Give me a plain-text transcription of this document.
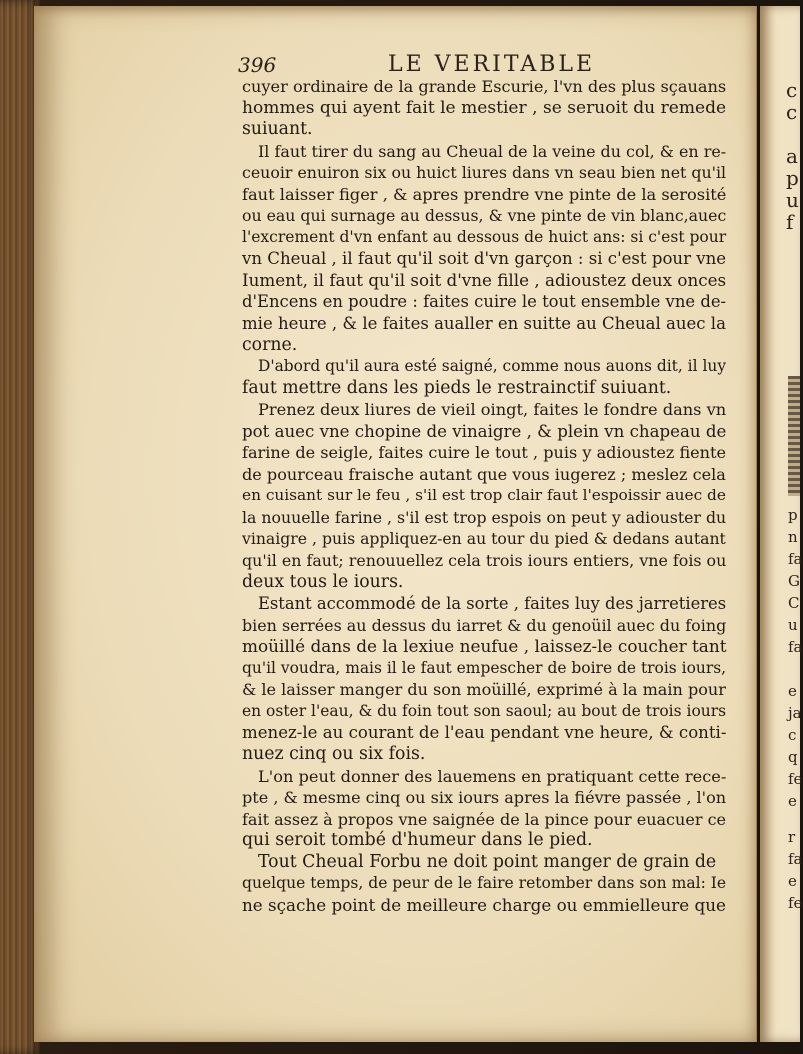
396	LE VERITABLE
cuyer ordinaire de la grande Escurie, l'vn des plus sçauans
hommes qui ayent fait le mestier , se seruoit du remede
suiuant.
Il faut tirer du sang au Cheual de la veine du col, & en re-
ceuoir enuiron six ou huict liures dans vn seau bien net qu'il
faut laisser figer , & apres prendre vne pinte de la serosité
ou eau qui surnage au dessus, & vne pinte de vin blanc,auec
l'excrement d'vn enfant au dessous de huict ans: si c'est pour
vn Cheual , il faut qu'il soit d'vn garçon : si c'est pour vne
Iument, il faut qu'il soit d'vne fille , adioustez deux onces
d'Encens en poudre : faites cuire le tout ensemble vne de-
mie heure , & le faites aualler en suitte au Cheual auec la
corne.
D'abord qu'il aura esté saigné, comme nous auons dit, il luy
faut mettre dans les pieds le restrainctif suiuant.
Prenez deux liures de vieil oingt, faites le fondre dans vn
pot auec vne chopine de vinaigre , & plein vn chapeau de
farine de seigle, faites cuire le tout , puis y adioustez fiente
de pourceau fraische autant que vous iugerez ; meslez cela
en cuisant sur le feu , s'il est trop clair faut l'espoissir auec de
la nouuelle farine , s'il est trop espois on peut y adiouster du
vinaigre , puis appliquez-en au tour du pied & dedans autant
qu'il en faut; renouuellez cela trois iours entiers, vne fois ou
deux tous le iours.
Estant accommodé de la sorte , faites luy des jarretieres
bien serrées au dessus du iarret & du genoüil auec du foing
moüillé dans de la lexiue neufue , laissez-le coucher tant
qu'il voudra, mais il le faut empescher de boire de trois iours,
& le laisser manger du son moüillé, exprimé à la main pour
en oster l'eau, & du foin tout son saoul; au bout de trois iours
menez-le au courant de l'eau pendant vne heure, & conti-
nuez cinq ou six fois.
L'on peut donner des lauemens en pratiquant cette rece-
pte , & mesme cinq ou six iours apres la fiévre passée , l'on
fait assez à propos vne saignée de la pince pour euacuer ce
qui seroit tombé d'humeur dans le pied.
Tout Cheual Forbu ne doit point manger de grain de
quelque temps, de peur de le faire retomber dans son mal: Ie
ne sçache point de meilleure charge ou emmielleure que
c
c
a
p
u
f
p
n
fa
G
C
u
fa
e
ja
c
q
fe
e
r
fa
e
fe
